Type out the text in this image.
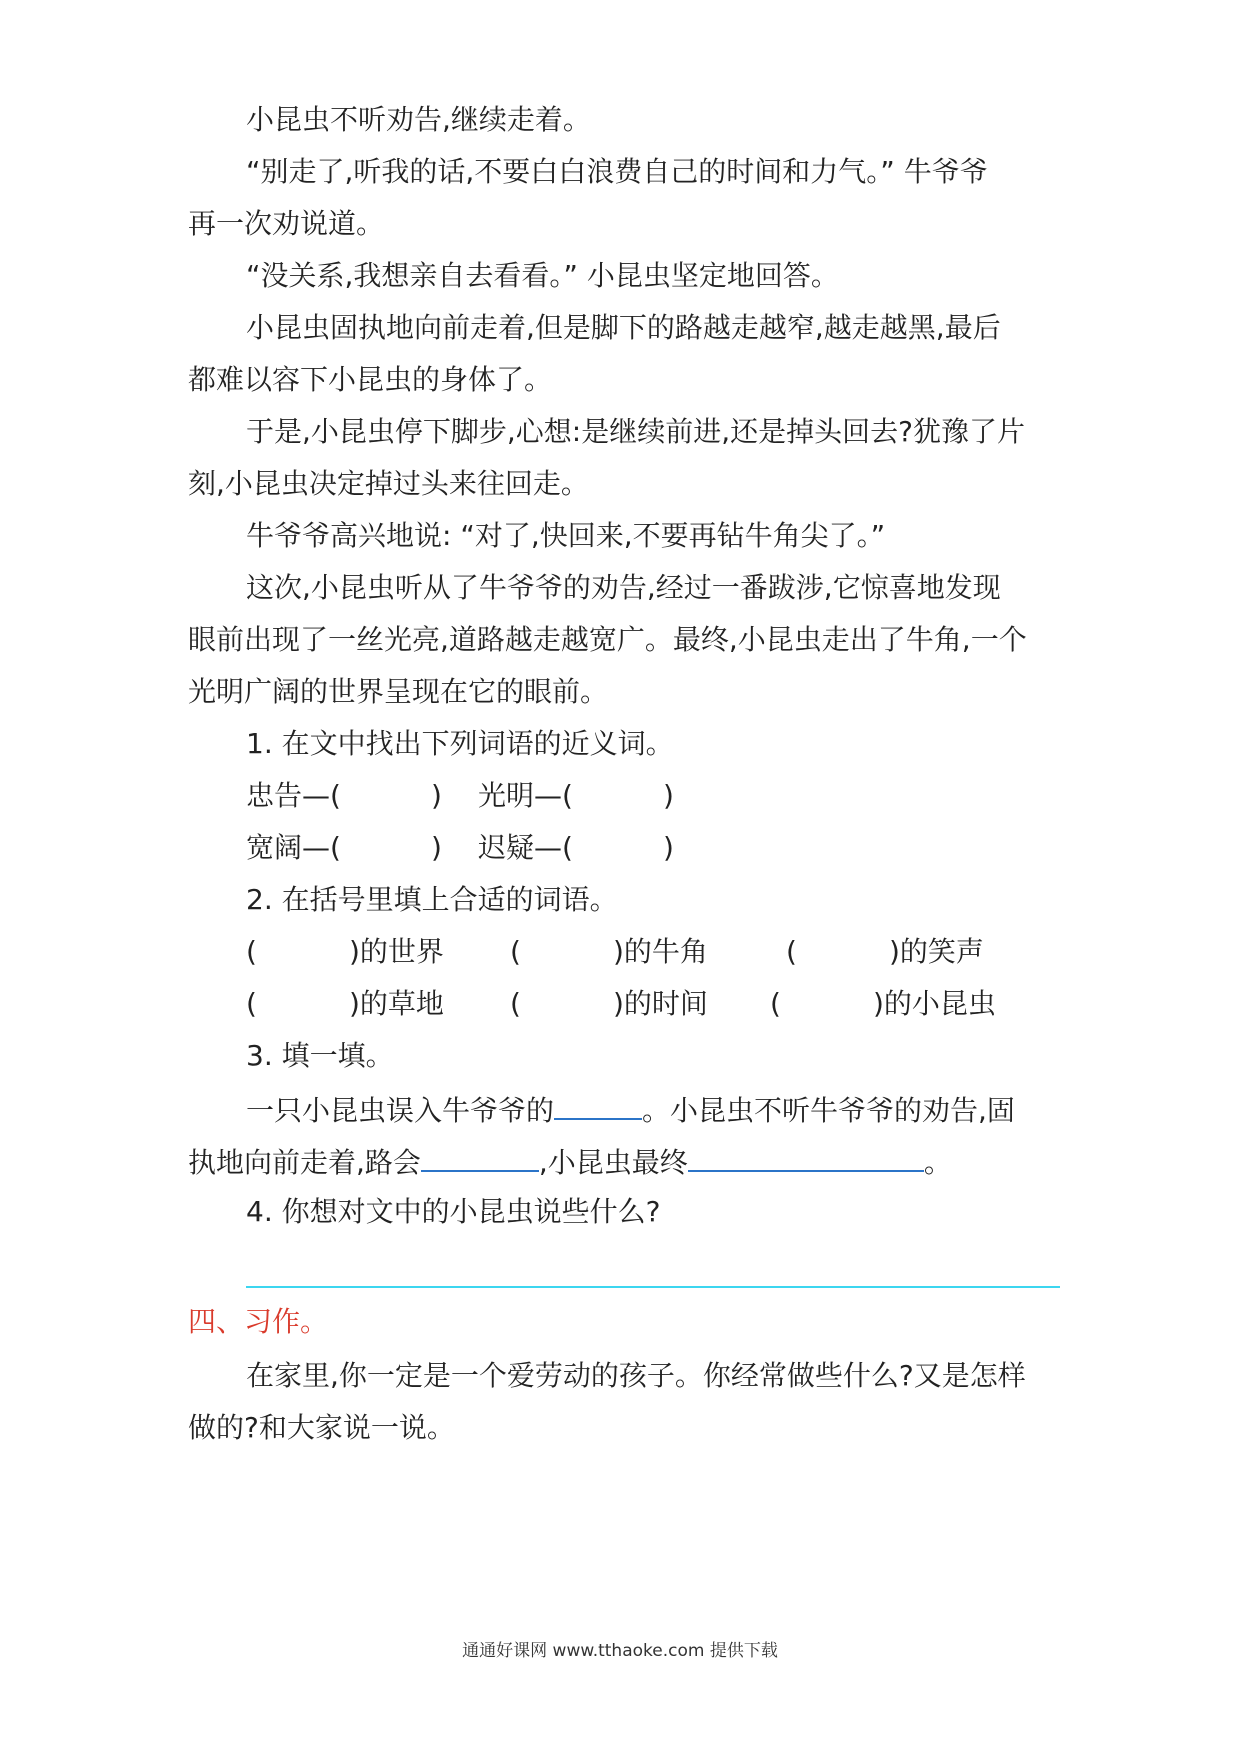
小昆虫不听劝告,继续走着。
“别走了,听我的话,不要白白浪费自己的时间和力气。” 牛爷爷
再一次劝说道。
“没关系,我想亲自去看看。” 小昆虫坚定地回答。
小昆虫固执地向前走着,但是脚下的路越走越窄,越走越黑,最后
都难以容下小昆虫的身体了。
于是,小昆虫停下脚步,心想:是继续前进,还是掉头回去?犹豫了片
刻,小昆虫决定掉过头来往回走。
牛爷爷高兴地说: “对了,快回来,不要再钻牛角尖了。”
这次,小昆虫听从了牛爷爷的劝告,经过一番跋涉,它惊喜地发现
眼前出现了一丝光亮,道路越走越宽广。最终,小昆虫走出了牛角,一个
光明广阔的世界呈现在它的眼前。
1. 在文中找出下列词语的近义词。
忠告—(	) 光明—(	)
宽阔—(	) 迟疑—(	)
2. 在括号里填上合适的词语。
(	)的世界 (	)的牛角	(	)的笑声
(	)的草地 (	)的时间 (	)的小昆虫
3. 填一填。
一只小昆虫误入牛爷爷的	。小昆虫不听牛爷爷的劝告,固
执地向前走着,路会	,小昆虫最终	。
4. 你想对文中的小昆虫说些什么?
四、习作。
在家里,你一定是一个爱劳动的孩子。你经常做些什么?又是怎样
做的?和大家说一说。
通通好课网 www.tthaoke.com 提供下载
